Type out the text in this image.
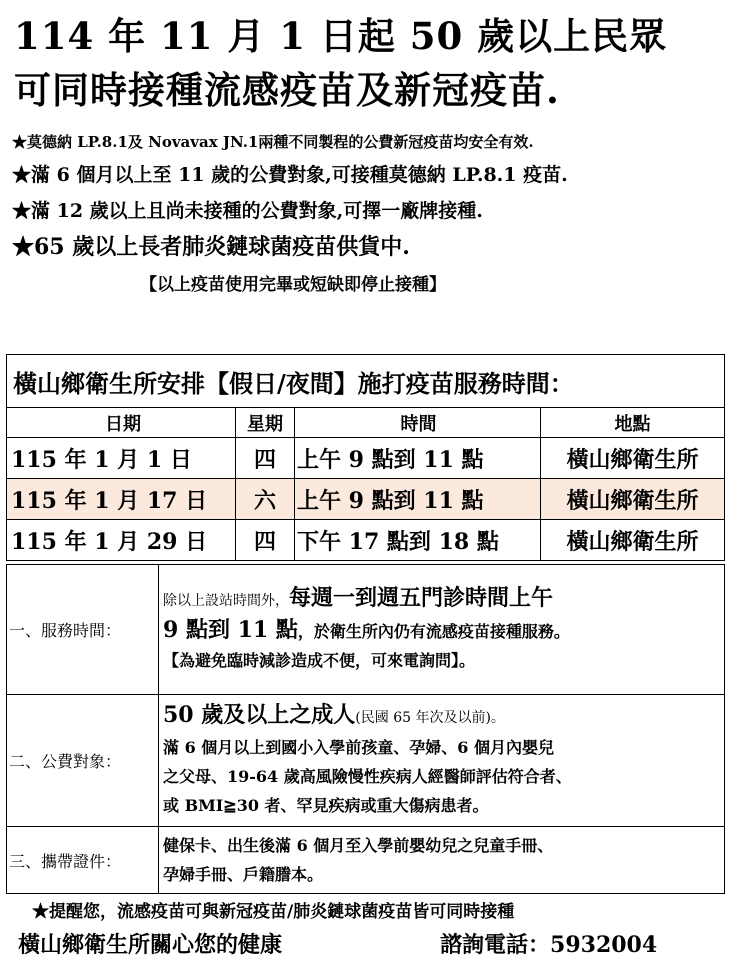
114 年 11 月 1 日起 50 歲以上民眾
可同時接種流感疫苗及新冠疫苗.
★莫德納 LP.8.1及 Novavax JN.1兩種不同製程的公費新冠疫苗均安全有效.
★滿 6 個月以上至 11 歲的公費對象,可接種莫德納 LP.8.1 疫苗.
★滿 12 歲以上且尚未接種的公費對象,可擇一廠牌接種.
★65 歲以上長者肺炎鏈球菌疫苗供貨中.
【以上疫苗使用完畢或短缺即停止接種】
橫山鄉衛生所安排【假日/夜間】施打疫苗服務時間：			
日期	星期	時間	地點
115 年 1 月 1 日	四	上午 9 點到 11 點	橫山鄉衛生所
115 年 1 月 17 日	六	上午 9 點到 11 點	橫山鄉衛生所
115 年 1 月 29 日	四	下午 17 點到 18 點	橫山鄉衛生所
一、服務時間：	除以上設站時間外，每週一到週五門診時間上午
9 點到 11 點，於衛生所內仍有流感疫苗接種服務。
【為避免臨時減診造成不便，可來電詢問】。

二、公費對象：	50 歲及以上之成人(民國 65 年次及以前)。
滿 6 個月以上到國小入學前孩童、孕婦、6 個月內嬰兒
之父母、19-64 歲高風險慢性疾病人經醫師評估符合者、
或 BMI≧30 者、罕見疾病或重大傷病患者。

三、攜帶證件：	健保卡、出生後滿 6 個月至入學前嬰幼兒之兒童手冊、
孕婦手冊、戶籍謄本。
★提醒您，流感疫苗可與新冠疫苗/肺炎鏈球菌疫苗皆可同時接種
橫山鄉衛生所關心您的健康	諮詢電話：5932004
